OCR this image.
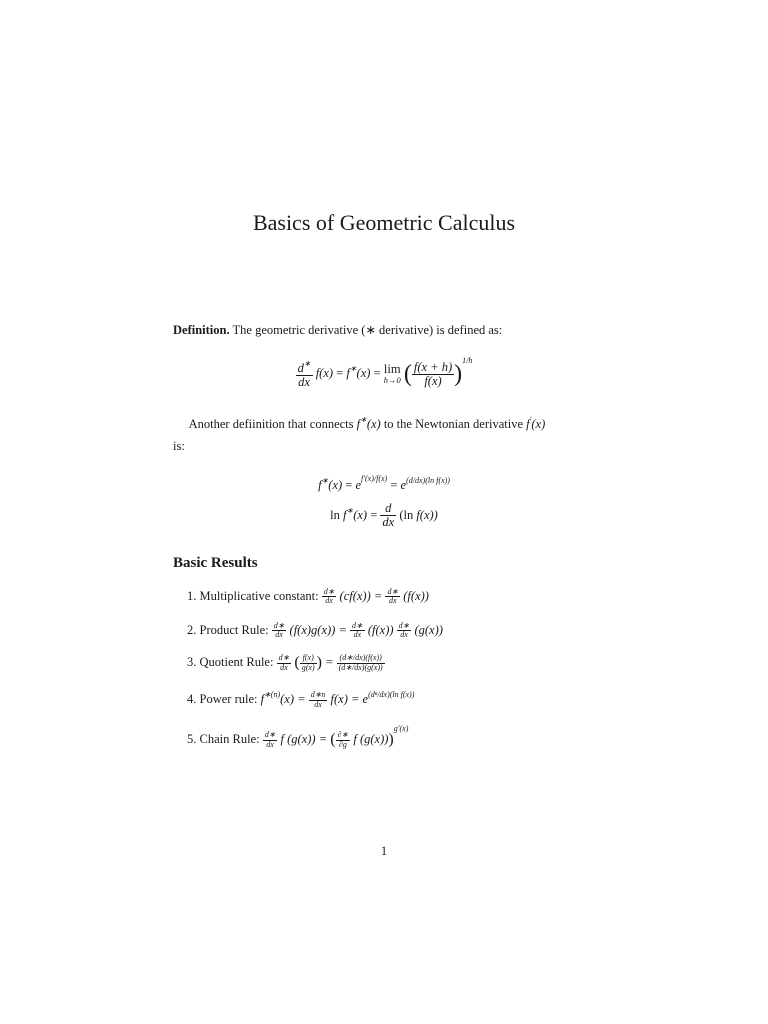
Basics of Geometric Calculus

Definition. The geometric derivative (∗ derivative) is defined as:

$\frac{d^∗}{dx} f(x) = f^∗(x) = \lim$
h→0 ( $\frac{f(x + h)}{f(x)} )^{1/h}$

Another defiinition that connects f∗(x) to the Newtonian derivative f′(x)

is:

$f^∗(x) = e^{f'(x)/f(x)} = e^{(d/dx)(ln f(x))}$
$\ln f^∗(x) = \frac{d}{dx} (\ln$ f(x))
Basic Results
1. Multiplicative constant: $\frac{d∗}{dx} (cf(x)) = \frac{d∗}{dx} (f(x))$
2. Product Rule: $\frac{d∗}{dx} (f(x)g(x)) = \frac{d∗}{dx} (f(x)) \frac{d∗}{dx} (g(x))$
3. Quotient Rule: $\frac{d∗}{dx}$ ( $\frac{f(x)}{g(x)}$ ) = $\frac{(d∗/dx)(f(x))}{(d∗/dx)(g(x))}$
4. Power rule: $f^{∗(n)}(x) = \frac{d∗n}{dx} f(x) = e^{(d^n/dx)(ln f(x))}$
5. Chain Rule: $\frac{d∗}{dx}$ f (g(x)) = ( $\frac{\partial∗}{\partial g}$ f (g(x)))$^{g'(x)}$
1
